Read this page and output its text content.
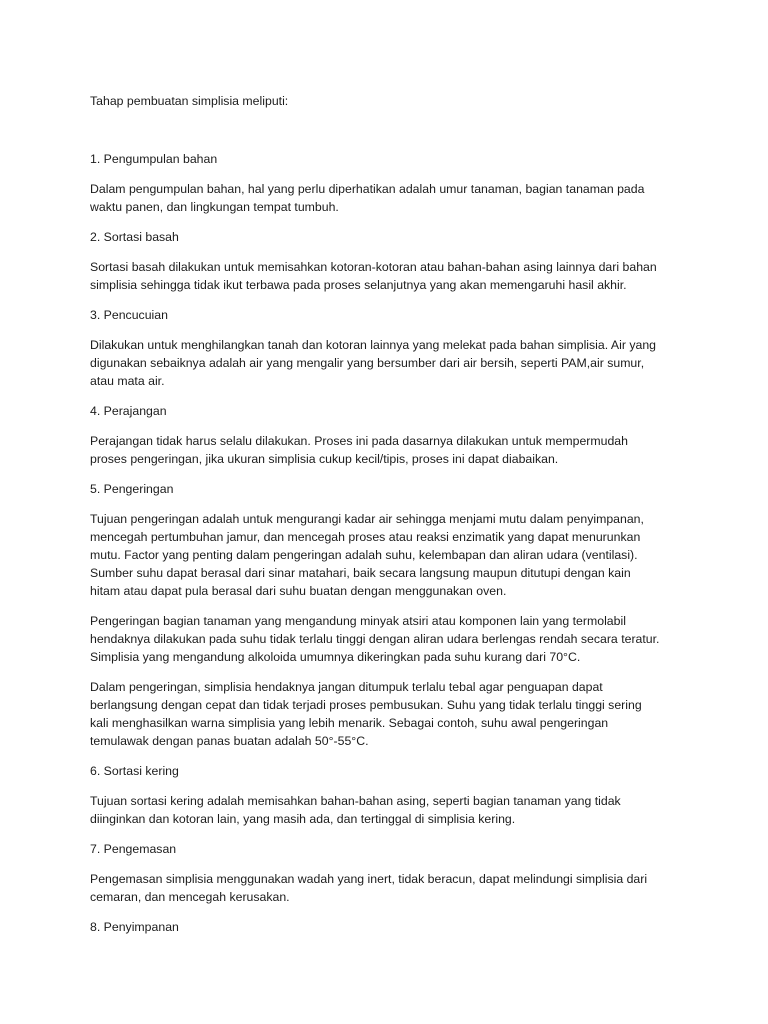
Tahap pembuatan simplisia meliputi:

1. Pengumpulan bahan

Dalam pengumpulan bahan, hal yang perlu diperhatikan adalah umur tanaman, bagian tanaman pada

waktu panen, dan lingkungan tempat tumbuh.

2. Sortasi basah

Sortasi basah dilakukan untuk memisahkan kotoran-kotoran atau bahan-bahan asing lainnya dari bahan

simplisia sehingga tidak ikut terbawa pada proses selanjutnya yang akan memengaruhi hasil akhir.

3. Pencucuian

Dilakukan untuk menghilangkan tanah dan kotoran lainnya yang melekat pada bahan simplisia. Air yang

digunakan sebaiknya adalah air yang mengalir yang bersumber dari air bersih, seperti PAM,air sumur,

atau mata air.

4. Perajangan

Perajangan tidak harus selalu dilakukan. Proses ini pada dasarnya dilakukan untuk mempermudah

proses pengeringan, jika ukuran simplisia cukup kecil/tipis, proses ini dapat diabaikan.

5. Pengeringan

Tujuan pengeringan adalah untuk mengurangi kadar air sehingga menjami mutu dalam penyimpanan,

mencegah pertumbuhan jamur, dan mencegah proses atau reaksi enzimatik yang dapat menurunkan

mutu. Factor yang penting dalam pengeringan adalah suhu, kelembapan dan aliran udara (ventilasi).

Sumber suhu dapat berasal dari sinar matahari, baik secara langsung maupun ditutupi dengan kain

hitam atau dapat pula berasal dari suhu buatan dengan menggunakan oven.

Pengeringan bagian tanaman yang mengandung minyak atsiri atau komponen lain yang termolabil

hendaknya dilakukan pada suhu tidak terlalu tinggi dengan aliran udara berlengas rendah secara teratur.

Simplisia yang mengandung alkoloida umumnya dikeringkan pada suhu kurang dari 70°C.

Dalam pengeringan, simplisia hendaknya jangan ditumpuk terlalu tebal agar penguapan dapat

berlangsung dengan cepat dan tidak terjadi proses pembusukan. Suhu yang tidak terlalu tinggi sering

kali menghasilkan warna simplisia yang lebih menarik. Sebagai contoh, suhu awal pengeringan

temulawak dengan panas buatan adalah 50°-55°C.

6. Sortasi kering

Tujuan sortasi kering adalah memisahkan bahan-bahan asing, seperti bagian tanaman yang tidak

diinginkan dan kotoran lain, yang masih ada, dan tertinggal di simplisia kering.

7. Pengemasan

Pengemasan simplisia menggunakan wadah yang inert, tidak beracun, dapat melindungi simplisia dari

cemaran, dan mencegah kerusakan.

8. Penyimpanan
